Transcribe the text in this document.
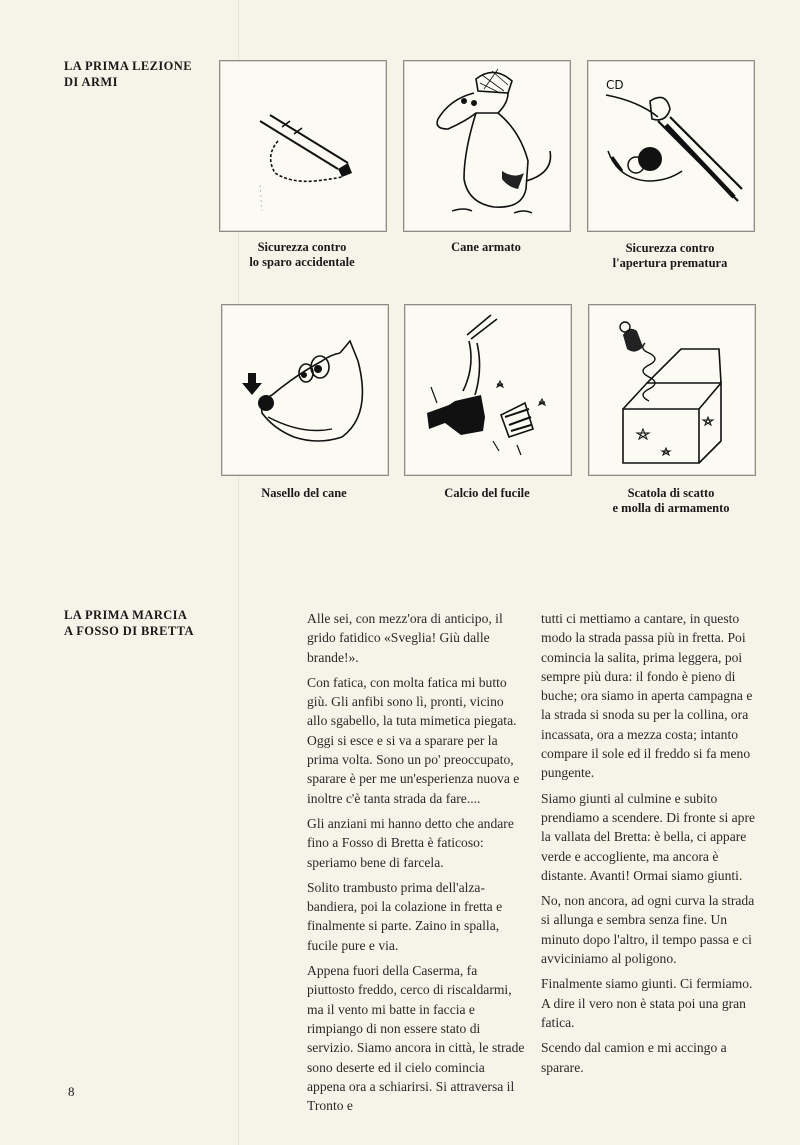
LA PRIMA LEZIONE
DI ARMI	CD
Sicurezza contro
lo sparo accidentale
Cane armato	Sicurezza contro
l'apertura prematura
Nasello del cane	Calcio del fucile	Scatola di scatto
e molla di armamento
LA PRIMA MARCIA
A FOSSO DI BRETTA

Alle sei, con mezz'ora di anticipo, il grido fatidico «Sveglia! Giù dalle brande!».

Con fatica, con molta fatica mi butto giù. Gli anfibi sono lì, pronti, vicino allo sgabello, la tuta mimetica piegata. Oggi si esce e si va a sparare per la prima volta. Sono un po' preoccupato, sparare è per me un'esperienza nuova e inoltre c'è tanta strada da fare....

Gli anziani mi hanno detto che andare fino a Fosso di Bretta è faticoso: speriamo bene di farcela.

Solito trambusto prima dell'alza-bandiera, poi la colazione in fretta e finalmente si parte. Zaino in spalla, fucile pure e via.

Appena fuori della Caserma, fa piuttosto freddo, cerco di riscaldarmi, ma il vento mi batte in faccia e rimpiango di non essere stato di servizio. Siamo ancora in città, le strade sono deserte ed il cielo comincia appena ora a schiarirsi. Si attraversa il Tronto e

tutti ci mettiamo a cantare, in questo modo la strada passa più in fretta. Poi comincia la salita, prima leggera, poi sempre più dura: il fondo è pieno di buche; ora siamo in aperta campagna e la strada si snoda su per la collina, ora incassata, ora a mezza costa; intanto compare il sole ed il freddo si fa meno pungente.

Siamo giunti al culmine e subito prendiamo a scendere. Di fronte si apre la vallata del Bretta: è bella, ci appare verde e accogliente, ma ancora è distante. Avanti! Ormai siamo giunti.

No, non ancora, ad ogni curva la strada si allunga e sembra senza fine. Un minuto dopo l'altro, il tempo passa e ci avviciniamo al poligono.

Finalmente siamo giunti. Ci fermiamo. A dire il vero non è stata poi una gran fatica.

Scendo dal camion e mi accingo a sparare.

8
